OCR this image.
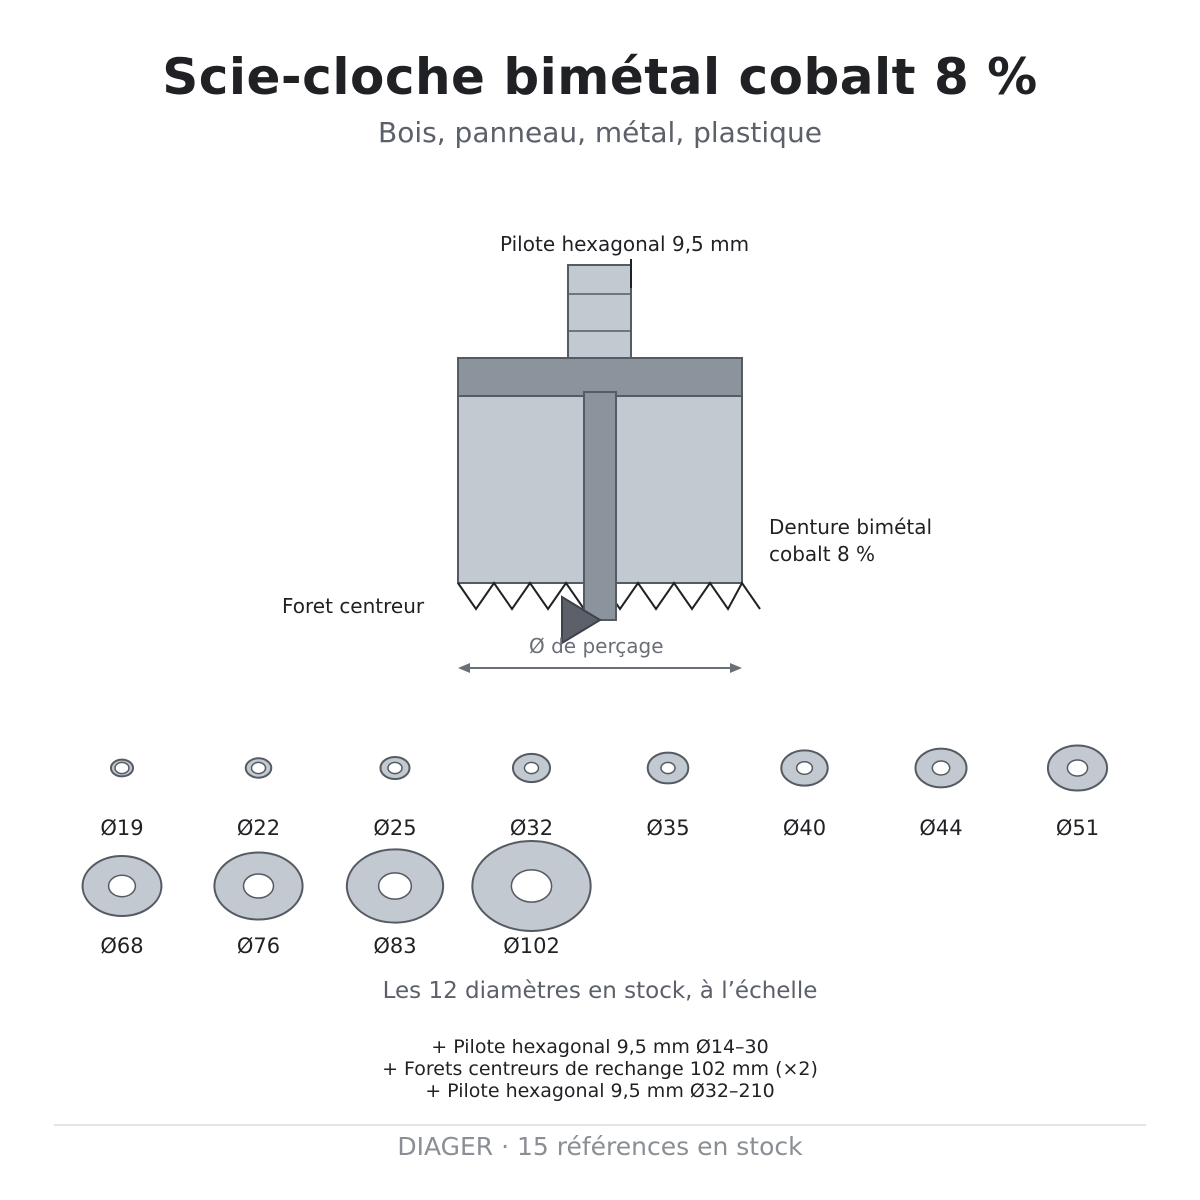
Scie-cloche bimétal cobalt 8 %
Bois, panneau, métal, plastique
Pilote hexagonal 9,5 mm
Denture bimétal
cobalt 8 %
Foret centreur
Ø de perçage
Ø19	Ø22	Ø25	Ø32	Ø35	Ø40	Ø44	Ø51
Ø68	Ø76	Ø83	Ø102
Les 12 diamètres en stock, à l’échelle
+ Pilote hexagonal 9,5 mm Ø14–30
+ Forets centreurs de rechange 102 mm (×2)
+ Pilote hexagonal 9,5 mm Ø32–210
DIAGER · 15 références en stock
